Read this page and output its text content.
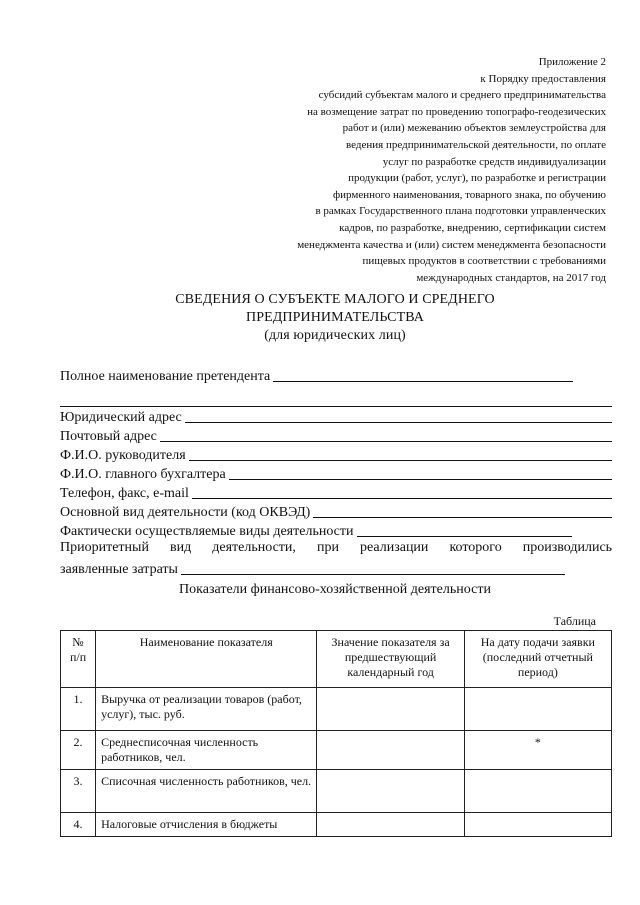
Приложение 2
к Порядку предоставления
субсидий субъектам малого и среднего предпринимательства
на возмещение затрат по проведению топографо-геодезических
работ и (или) межеванию объектов землеустройства для
ведения предпринимательской деятельности, по оплате
услуг по разработке средств индивидуализации
продукции (работ, услуг), по разработке и регистрации
фирменного наименования, товарного знака, по обучению
в рамках Государственного плана подготовки управленческих
кадров, по разработке, внедрению, сертификации систем
менеджмента качества и (или) систем менеджмента безопасности
пищевых продуктов в соответствии с требованиями
международных стандартов, на 2017 год
СВЕДЕНИЯ О СУБЪЕКТЕ МАЛОГО И СРЕДНЕГО
ПРЕДПРИНИМАТЕЛЬСТВА
(для юридических лиц)
Полное наименование претендента
Юридический адрес
Почтовый адрес
Ф.И.О. руководителя
Ф.И.О. главного бухгалтера
Телефон, факс, e-mail
Основной вид деятельности (код ОКВЭД)
Фактически осуществляемые виды деятельности
Приоритетный вид деятельности, при реализации которого производились
заявленные затраты
Показатели финансово-хозяйственной деятельности
Таблица
№ п/п	Наименование показателя	Значение показателя за предшествующий календарный год	На дату подачи заявки (последний отчетный период)
1.	Выручка от реализации товаров (работ, услуг), тыс. руб.		
2.	Среднесписочная численность работников, чел.		*
3.	Списочная численность работников, чел.		
4.	Налоговые отчисления в бюджеты		
